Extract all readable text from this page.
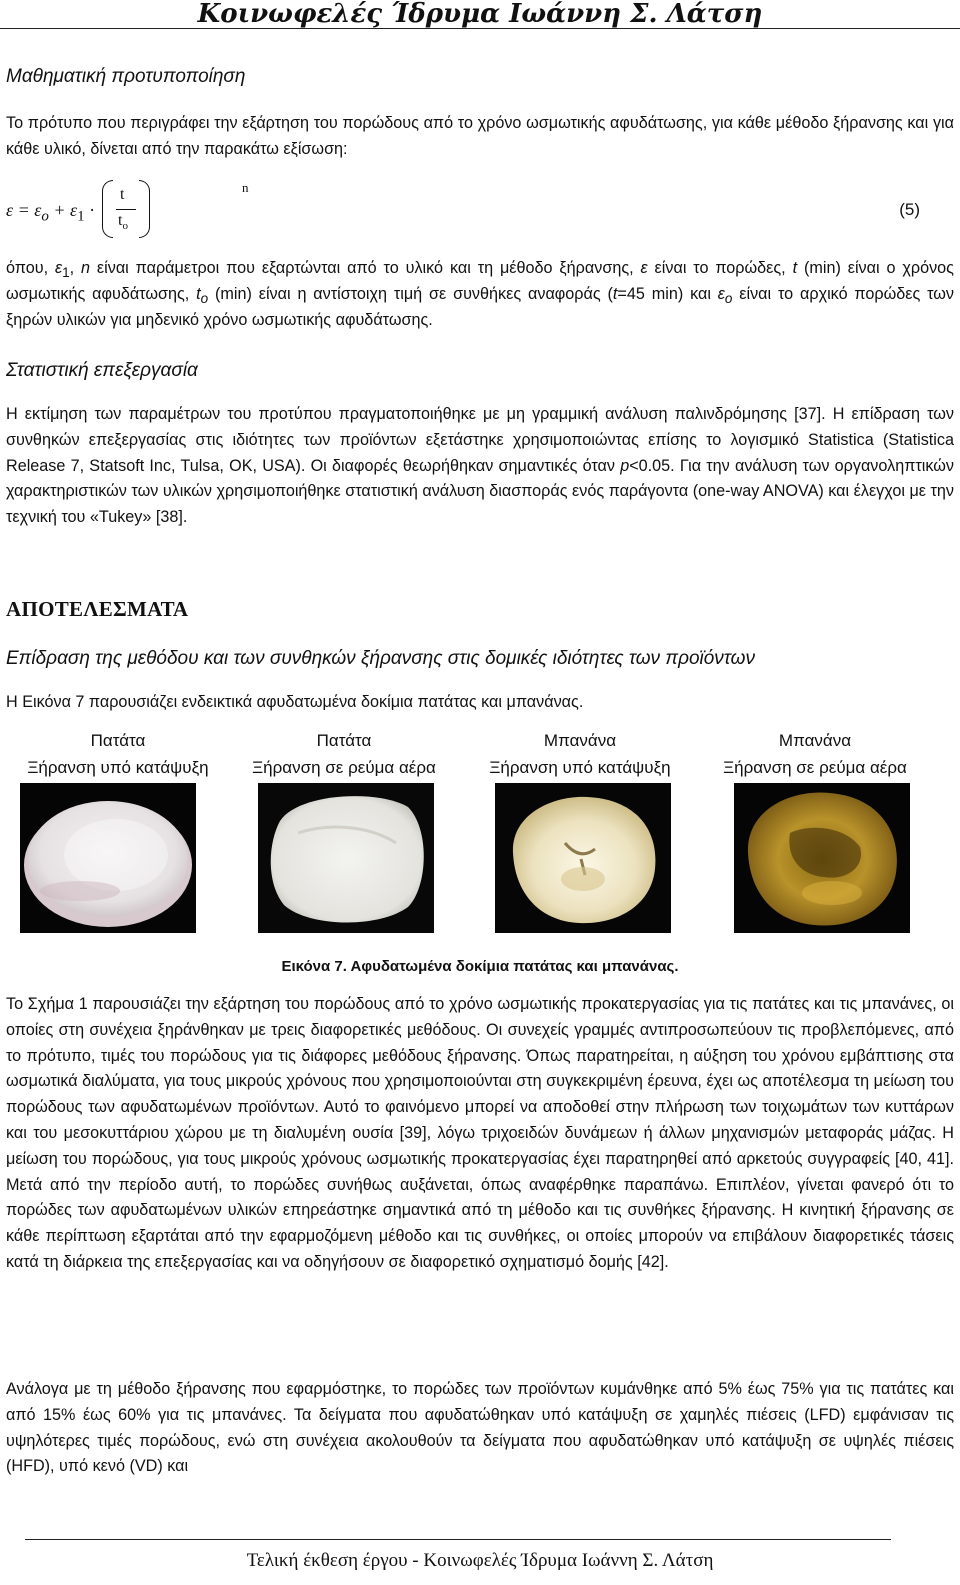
Κοινωφελές Ίδρυμα Ιωάννη Σ. Λάτση
Μαθηματική προτυποποίηση

Το πρότυπο που περιγράφει την εξάρτηση του πορώδους από το χρόνο ωσμωτικής αφυδάτωσης, για κάθε μέθοδο ξήρανσης και για κάθε υλικό, δίνεται από την παρακάτω εξίσωση:

$\varepsilon = \varepsilon_o + \varepsilon_1$ ·
t
$t_o$
n
(5)

όπου, $\varepsilon_1$, n είναι παράμετροι που εξαρτώνται από το υλικό και τη μέθοδο ξήρανσης, ε είναι το πορώδες, t (min) είναι ο χρόνος ωσμωτικής αφυδάτωσης, $t_o$ (min) είναι η αντίστοιχη τιμή σε συνθήκες αναφοράς (t=45 min) και $\varepsilon_o$ είναι το αρχικό πορώδες των ξηρών υλικών για μηδενικό χρόνο ωσμωτικής αφυδάτωσης.

Στατιστική επεξεργασία

Η εκτίμηση των παραμέτρων του προτύπου πραγματοποιήθηκε με μη γραμμική ανάλυση παλινδρόμησης [37]. Η επίδραση των συνθηκών επεξεργασίας στις ιδιότητες των προϊόντων εξετάστηκε χρησιμοποιώντας επίσης το λογισμικό Statistica (Statistica Release 7, Statsoft Inc, Tulsa, OK, USA). Οι διαφορές θεωρήθηκαν σημαντικές όταν p<0.05. Για την ανάλυση των οργανοληπτικών χαρακτηριστικών των υλικών χρησιμοποιήθηκε στατιστική ανάλυση διασποράς ενός παράγοντα (one-way ANOVA) και έλεγχοι με την τεχνική του «Tukey» [38].

ΑΠΟΤΕΛΕΣΜΑΤΑ
Επίδραση της μεθόδου και των συνθηκών ξήρανσης στις δομικές ιδιότητες των προϊόντων

Η Εικόνα 7 παρουσιάζει ενδεικτικά αφυδατωμένα δοκίμια πατάτας και μπανάνας.

Πατάτα
Ξήρανση υπό κατάψυξη
Πατάτα
Ξήρανση σε ρεύμα αέρα
Μπανάνα
Ξήρανση υπό κατάψυξη
Μπανάνα
Ξήρανση σε ρεύμα αέρα
Εικόνα 7. Αφυδατωμένα δοκίμια πατάτας και μπανάνας.

Το Σχήμα 1 παρουσιάζει την εξάρτηση του πορώδους από το χρόνο ωσμωτικής προκατεργασίας για τις πατάτες και τις μπανάνες, οι οποίες στη συνέχεια ξηράνθηκαν με τρεις διαφορετικές μεθόδους. Οι συνεχείς γραμμές αντιπροσωπεύουν τις προβλεπόμενες, από το πρότυπο, τιμές του πορώδους για τις διάφορες μεθόδους ξήρανσης. Όπως παρατηρείται, η αύξηση του χρόνου εμβάπτισης στα ωσμωτικά διαλύματα, για τους μικρούς χρόνους που χρησιμοποιούνται στη συγκεκριμένη έρευνα, έχει ως αποτέλεσμα τη μείωση του πορώδους των αφυδατωμένων προϊόντων. Αυτό το φαινόμενο μπορεί να αποδοθεί στην πλήρωση των τοιχωμάτων των κυττάρων και του μεσοκυττάριου χώρου με τη διαλυμένη ουσία [39], λόγω τριχοειδών δυνάμεων ή άλλων μηχανισμών μεταφοράς μάζας. Η μείωση του πορώδους, για τους μικρούς χρόνους ωσμωτικής προκατεργασίας έχει παρατηρηθεί από αρκετούς συγγραφείς [40, 41]. Μετά από την περίοδο αυτή, το πορώδες συνήθως αυξάνεται, όπως αναφέρθηκε παραπάνω. Επιπλέον, γίνεται φανερό ότι το πορώδες των αφυδατωμένων υλικών επηρεάστηκε σημαντικά από τη μέθοδο και τις συνθήκες ξήρανσης. Η κινητική ξήρανσης σε κάθε περίπτωση εξαρτάται από την εφαρμοζόμενη μέθοδο και τις συνθήκες, οι οποίες μπορούν να επιβάλουν διαφορετικές τάσεις κατά τη διάρκεια της επεξεργασίας και να οδηγήσουν σε διαφορετικό σχηματισμό δομής [42].

Ανάλογα με τη μέθοδο ξήρανσης που εφαρμόστηκε, το πορώδες των προϊόντων κυμάνθηκε από 5% έως 75% για τις πατάτες και από 15% έως 60% για τις μπανάνες. Τα δείγματα που αφυδατώθηκαν υπό κατάψυξη σε χαμηλές πιέσεις (LFD) εμφάνισαν τις υψηλότερες τιμές πορώδους, ενώ στη συνέχεια ακολουθούν τα δείγματα που αφυδατώθηκαν υπό κατάψυξη σε υψηλές πιέσεις (HFD), υπό κενό (VD) και

Τελική έκθεση έργου - Κοινωφελές Ίδρυμα Ιωάννη Σ. Λάτση
